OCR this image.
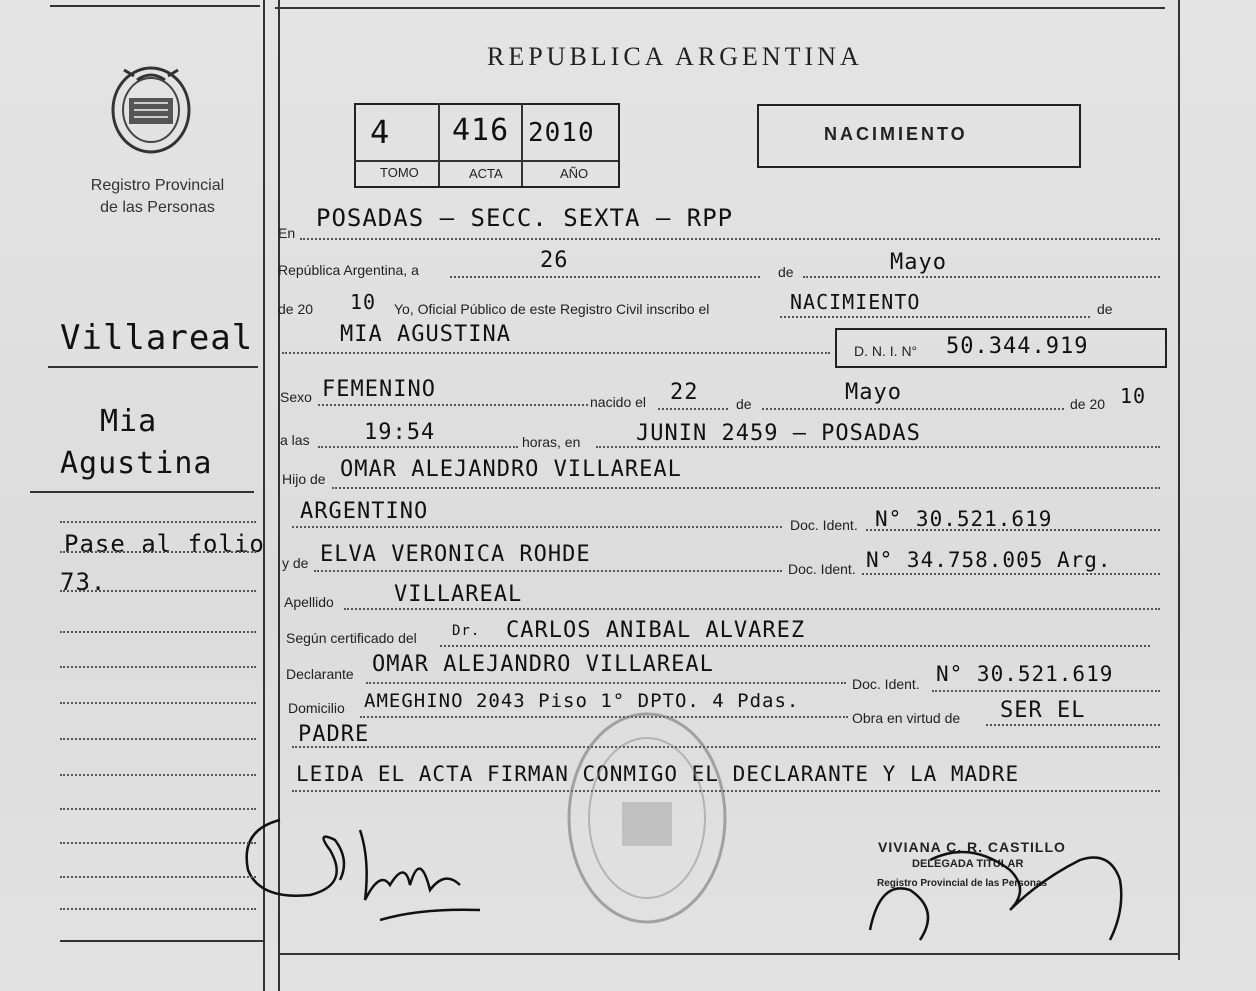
Registro Provincial
de las Personas
REPUBLICA ARGENTINA
4 416 2010
TOMO	ACTA	AÑO
NACIMIENTO
En
POSADAS — SECC. SEXTA — RPP
República Argentina, a	26	de	Mayo
de 20 10 Yo, Oficial Público de este Registro Civil inscribo el	NACIMIENTO	de
MIA AGUSTINA
D. N. I. N° 50.344.919
Sexo FEMENINO	nacido el 22	de	Mayo	de 20 10
a las 19:54	horas, en	JUNIN 2459 — POSADAS
Hijo de OMAR ALEJANDRO VILLAREAL
ARGENTINO
Doc. Ident. N° 30.521.619
y de ELVA VERONICA ROHDE
Doc. Ident. N° 34.758.005 Arg.
Apellido	VILLAREAL
Según certificado del	Dr. CARLOS ANIBAL ALVAREZ
Declarante OMAR ALEJANDRO VILLAREAL
Doc. Ident. N° 30.521.619
Domicilio AMEGHINO 2043 Piso 1° DPTO. 4 Pdas.
Obra en virtud de SER EL
PADRE
LEIDA EL ACTA FIRMAN CONMIGO EL DECLARANTE Y LA MADRE
VIVIANA C. R. CASTILLO
DELEGADA TITULAR
Registro Provincial de las Personas
Villareal
Mia
Agustina
Pase al folio
73.
